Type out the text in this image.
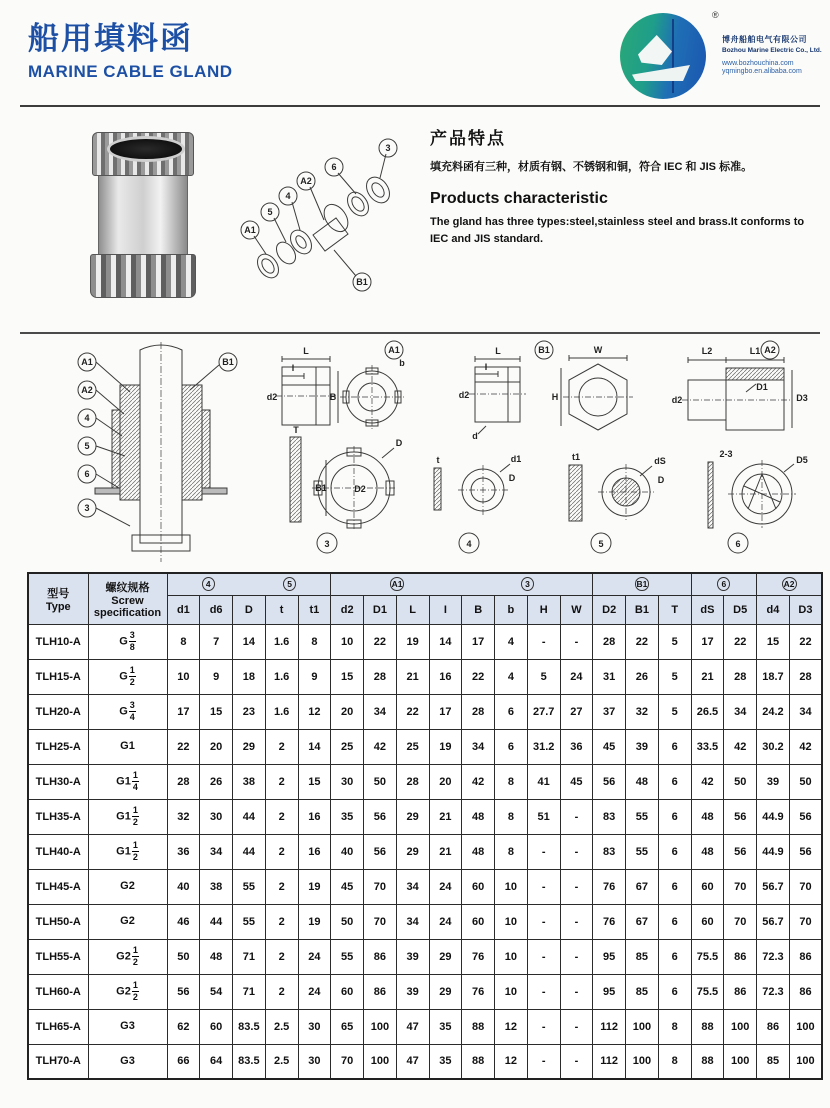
船用填料函
MARINE CABLE GLAND
®
博舟船舶电气有限公司
Bozhou Marine Electric Co., Ltd.
www.bozhouchina.com
yqmingbo.en.alibaba.com
A1
5
4
A2
6
3
B1
产品特点
填充料函有三种，材质有钢、不锈钢和铜，符合 IEC 和 JIS 标准。
Products characteristic
The gland has three types:steel,stainless steel and brass.It conforms to IEC and JIS standard.
A1
A2
4
5
6
3
B1
A1
L
l
d2
b
B
T
B1
D
D2
3
t	d1
D
4
B1
L
I
d2
d
W
H
t1	dS
D
5
A2
L2	L1
d2
D1
D3
2-3
D5
6
型号
Type

螺纹规格
Screw
specification

4	5	A1	3	B1	6	A2

		d1	d6	D	t	t1	d2	D1	L	I	B	b	H	W	D2	B1	T	dS	D5	d4	D3
TLH10-A	G $\frac{3}{8}$	8	7	14	1.6	8	10	22	19	14	17	4	-	-	28	22	5	17	22	15	22
TLH15-A	G $\frac{1}{2}$	10	9	18	1.6	9	15	28	21	16	22	4	5	24	31	26	5	21	28	18.7	28
TLH20-A	G $\frac{3}{4}$	17	15	23	1.6	12	20	34	22	17	28	6	27.7	27	37	32	5	26.5	34	24.2	34
TLH25-A	G1	22	20	29	2	14	25	42	25	19	34	6	31.2	36	45	39	6	33.5	42	30.2	42
TLH30-A	$G1 \frac{1}{4}$	28	26	38	2	15	30	50	28	20	42	8	41	45	56	48	6	42	50	39	50
TLH35-A	$G1 \frac{1}{2}$	32	30	44	2	16	35	56	29	21	48	8	51	-	83	55	6	48	56	44.9	56
TLH40-A	$G1 \frac{1}{2}$	36	34	44	2	16	40	56	29	21	48	8	-	-	83	55	6	48	56	44.9	56
TLH45-A	G2	40	38	55	2	19	45	70	34	24	60	10	-	-	76	67	6	60	70	56.7	70
TLH50-A	G2	46	44	55	2	19	50	70	34	24	60	10	-	-	76	67	6	60	70	56.7	70
TLH55-A	$G2 \frac{1}{2}$	50	48	71	2	24	55	86	39	29	76	10	-	-	95	85	6	75.5	86	72.3	86
TLH60-A	$G2 \frac{1}{2}$	56	54	71	2	24	60	86	39	29	76	10	-	-	95	85	6	75.5	86	72.3	86
TLH65-A	G3	62	60	83.5	2.5	30	65	100	47	35	88	12	-	-	112	100	8	88	100	86	100
TLH70-A	G3	66	64	83.5	2.5	30	70	100	47	35	88	12	-	-	112	100	8	88	100	85	100
